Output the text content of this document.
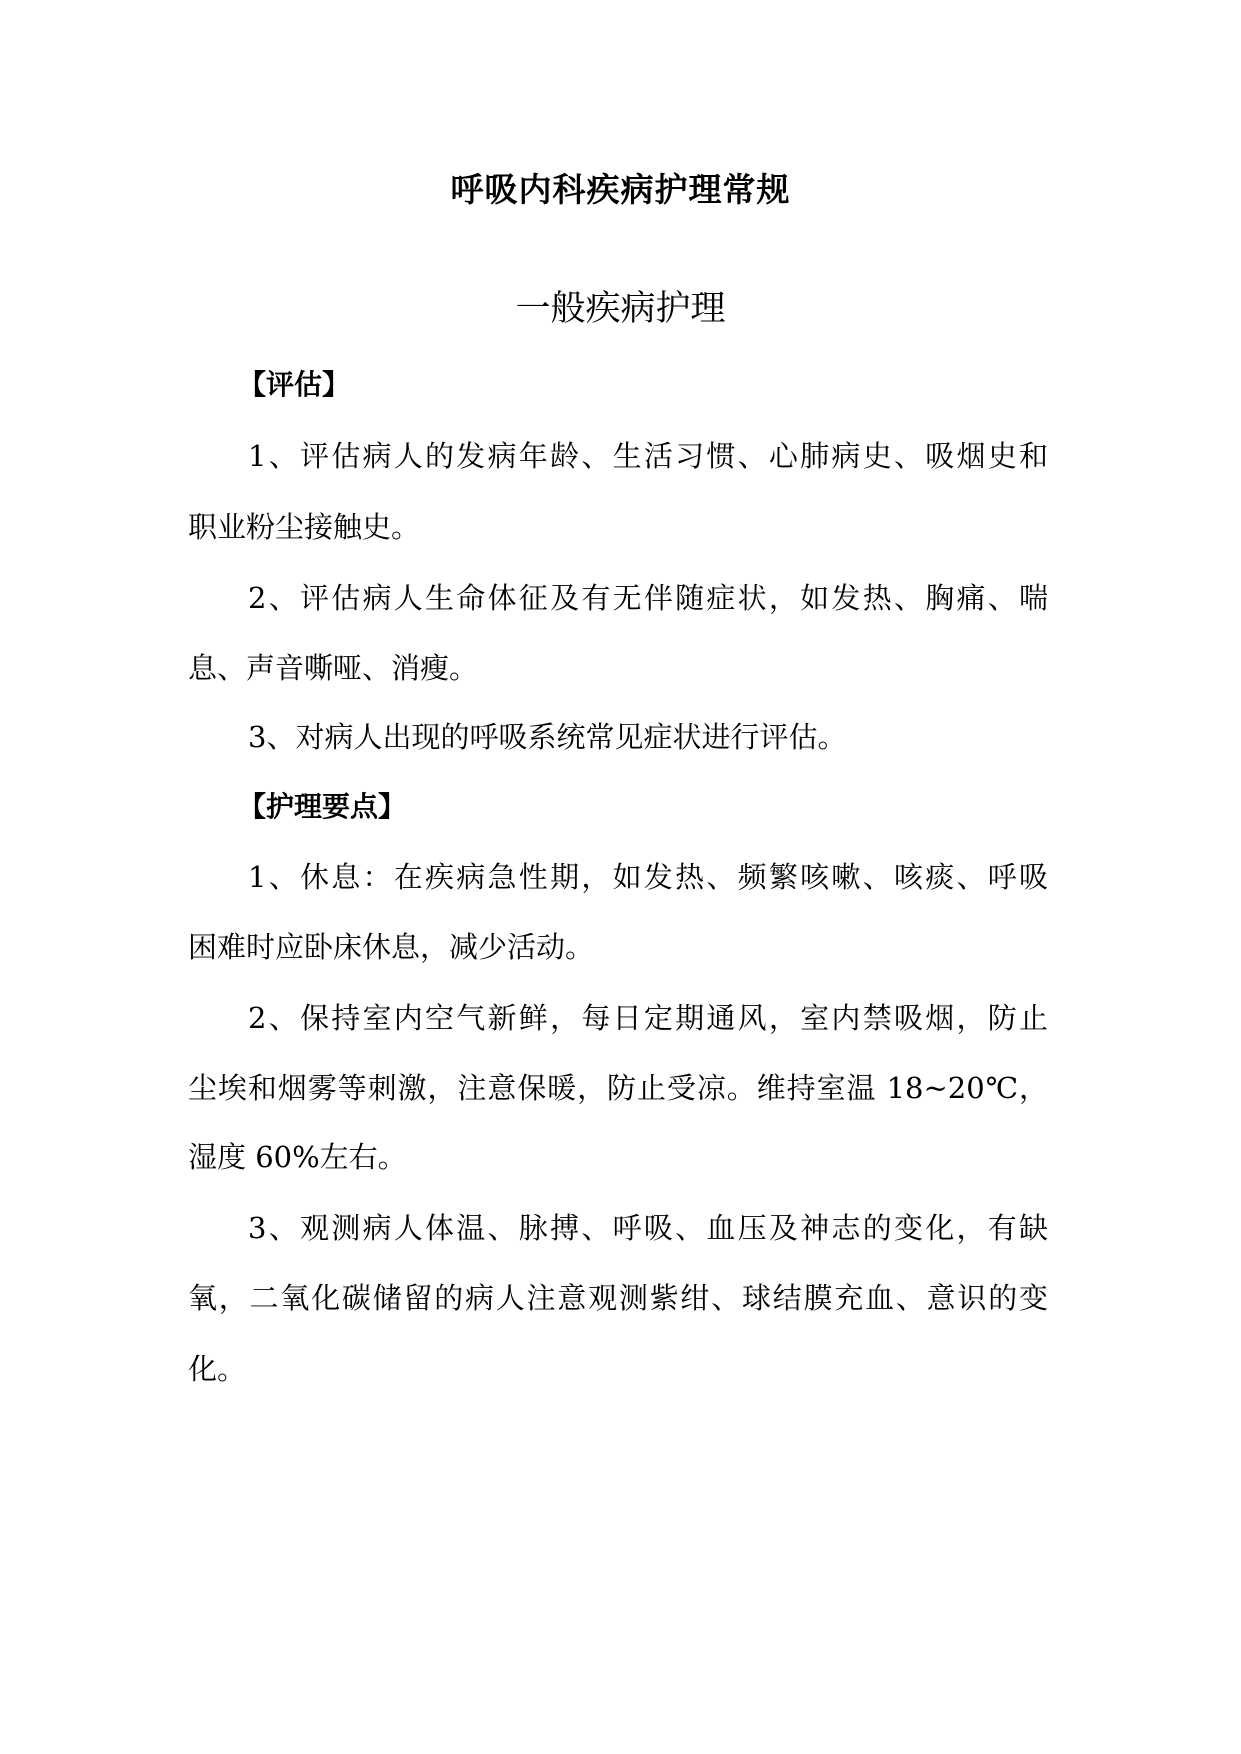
呼吸内科疾病护理常规
一般疾病护理
【评估】
1、评估病人的发病年龄、生活习惯、心肺病史、吸烟史和
职业粉尘接触史。
2、评估病人生命体征及有无伴随症状，如发热、胸痛、喘
息、声音嘶哑、消瘦。
3、对病人出现的呼吸系统常见症状进行评估。
【护理要点】
1、休息：在疾病急性期，如发热、频繁咳嗽、咳痰、呼吸
困难时应卧床休息，减少活动。
2、保持室内空气新鲜，每日定期通风，室内禁吸烟，防止
尘埃和烟雾等刺激，注意保暖，防止受凉。维持室温 18~20℃，
湿度 60%左右。
3、观测病人体温、脉搏、呼吸、血压及神志的变化，有缺
氧，二氧化碳储留的病人注意观测紫绀、球结膜充血、意识的变
化。
